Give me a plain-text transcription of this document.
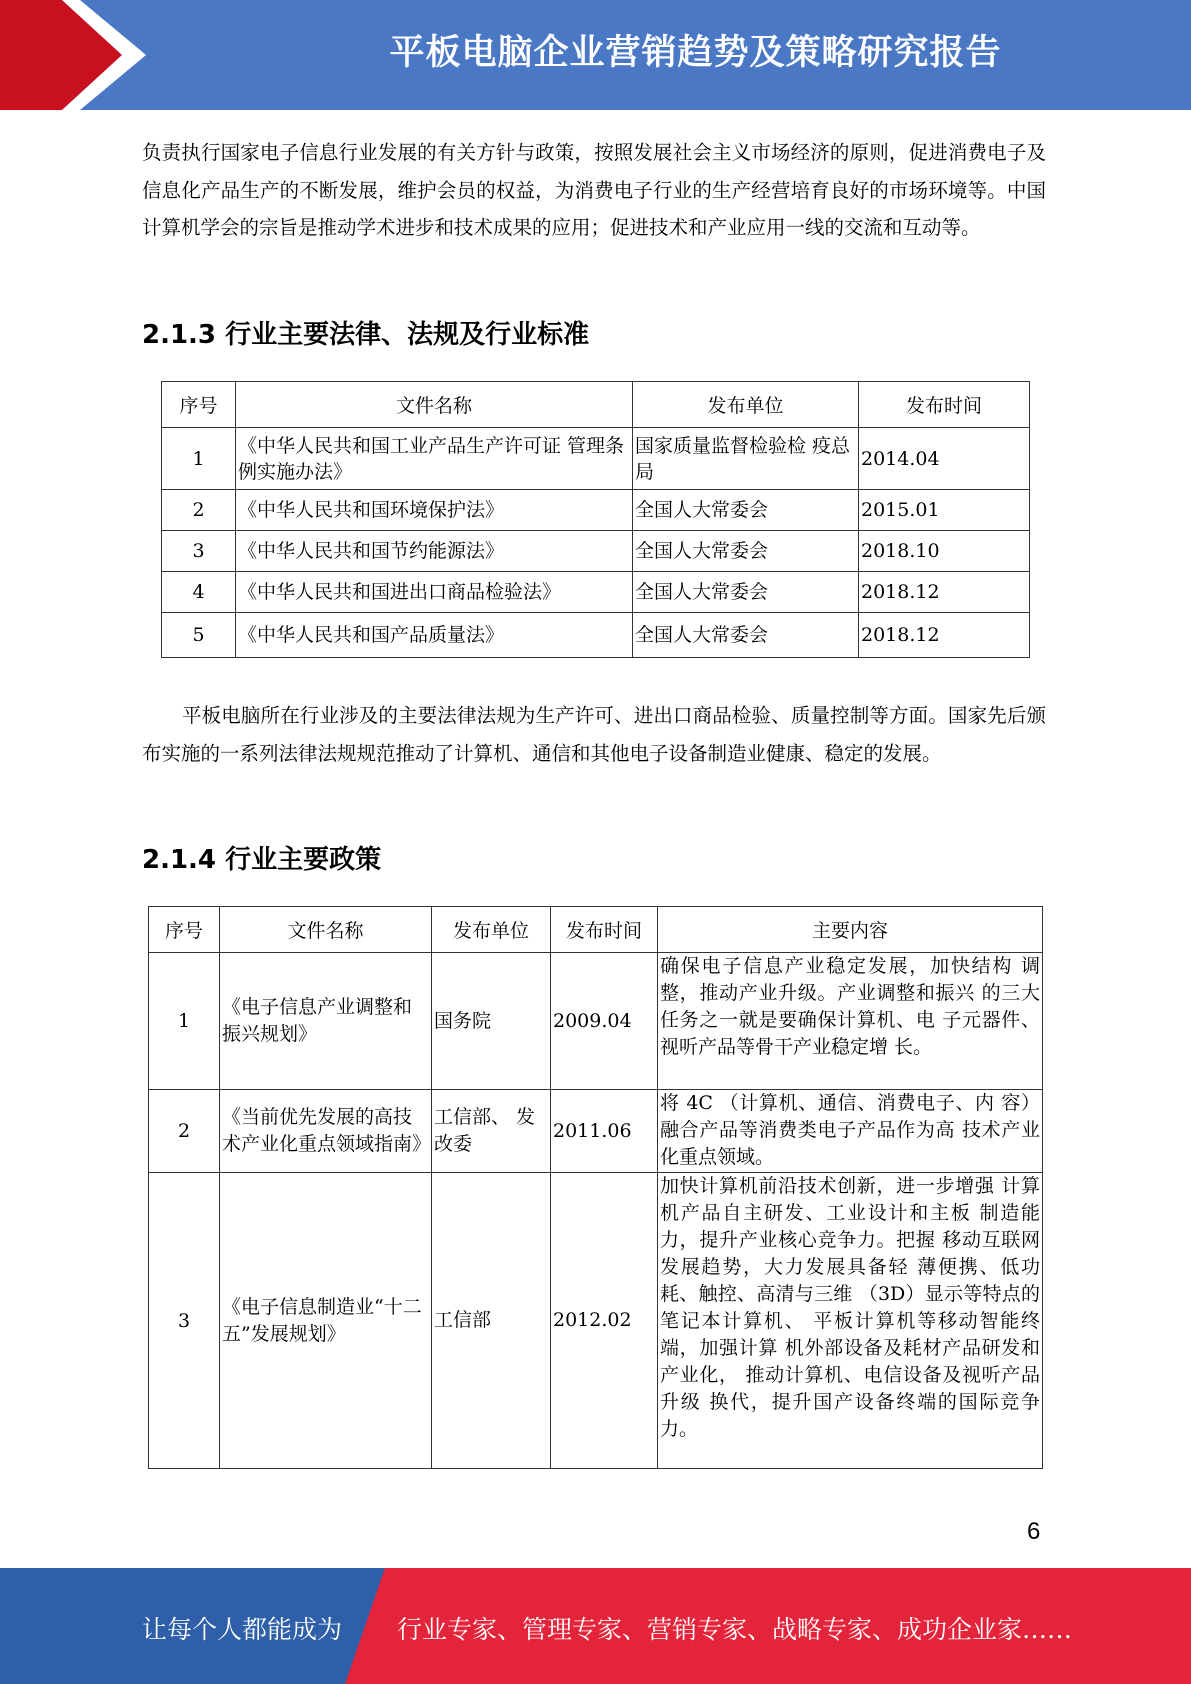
平板电脑企业营销趋势及策略研究报告

负责执行国家电子信息行业发展的有关方针与政策，按照发展社会主义市场经济的原则，促进消费电子及信息化产品生产的不断发展，维护会员的权益，为消费电子行业的生产经营培育良好的市场环境等。中国计算机学会的宗旨是推动学术进步和技术成果的应用；促进技术和产业应用一线的交流和互动等。

2.1.3 行业主要法律、法规及行业标准
序号	文件名称	发布单位	发布时间
1	《中华人民共和国工业产品生产许可证 管理条例实施办法》	国家质量监督检验检 疫总局	2014.04
2	《中华人民共和国环境保护法》	全国人大常委会	2015.01
3	《中华人民共和国节约能源法》	全国人大常委会	2018.10
4	《中华人民共和国进出口商品检验法》	全国人大常委会	2018.12
5	《中华人民共和国产品质量法》	全国人大常委会	2018.12

平板电脑所在行业涉及的主要法律法规为生产许可、进出口商品检验、质量控制等方面。国家先后颁布实施的一系列法律法规规范推动了计算机、通信和其他电子设备制造业健康、稳定的发展。

2.1.4 行业主要政策
序号	文件名称	发布单位	发布时间	主要内容
1	《电子信息产业调整和振兴规划》	国务院	2009.04	确保电子信息产业稳定发展，加快结构 调整，推动产业升级。产业调整和振兴 的三大任务之一就是要确保计算机、电 子元器件、视听产品等骨干产业稳定增 长。
2	《当前优先发展的高技术产业化重点领域指南》	工信部、 发改委	2011.06	将 4C （计算机、通信、消费电子、内 容）融合产品等消费类电子产品作为高 技术产业化重点领域。
3	《电子信息制造业“十二五”发展规划》	工信部	2012.02	加快计算机前沿技术创新，进一步增强 计算机产品自主研发、工业设计和主板 制造能力，提升产业核心竞争力。把握 移动互联网发展趋势，大力发展具备轻 薄便携、低功耗、触控、高清与三维 （3D）显示等特点的笔记本计算机、 平板计算机等移动智能终端，加强计算 机外部设备及耗材产品研发和产业化， 推动计算机、电信设备及视听产品升级 换代，提升国产设备终端的国际竞争 力。
6
让每个人都能成为 行业专家、管理专家、营销专家、战略专家、成功企业家……
